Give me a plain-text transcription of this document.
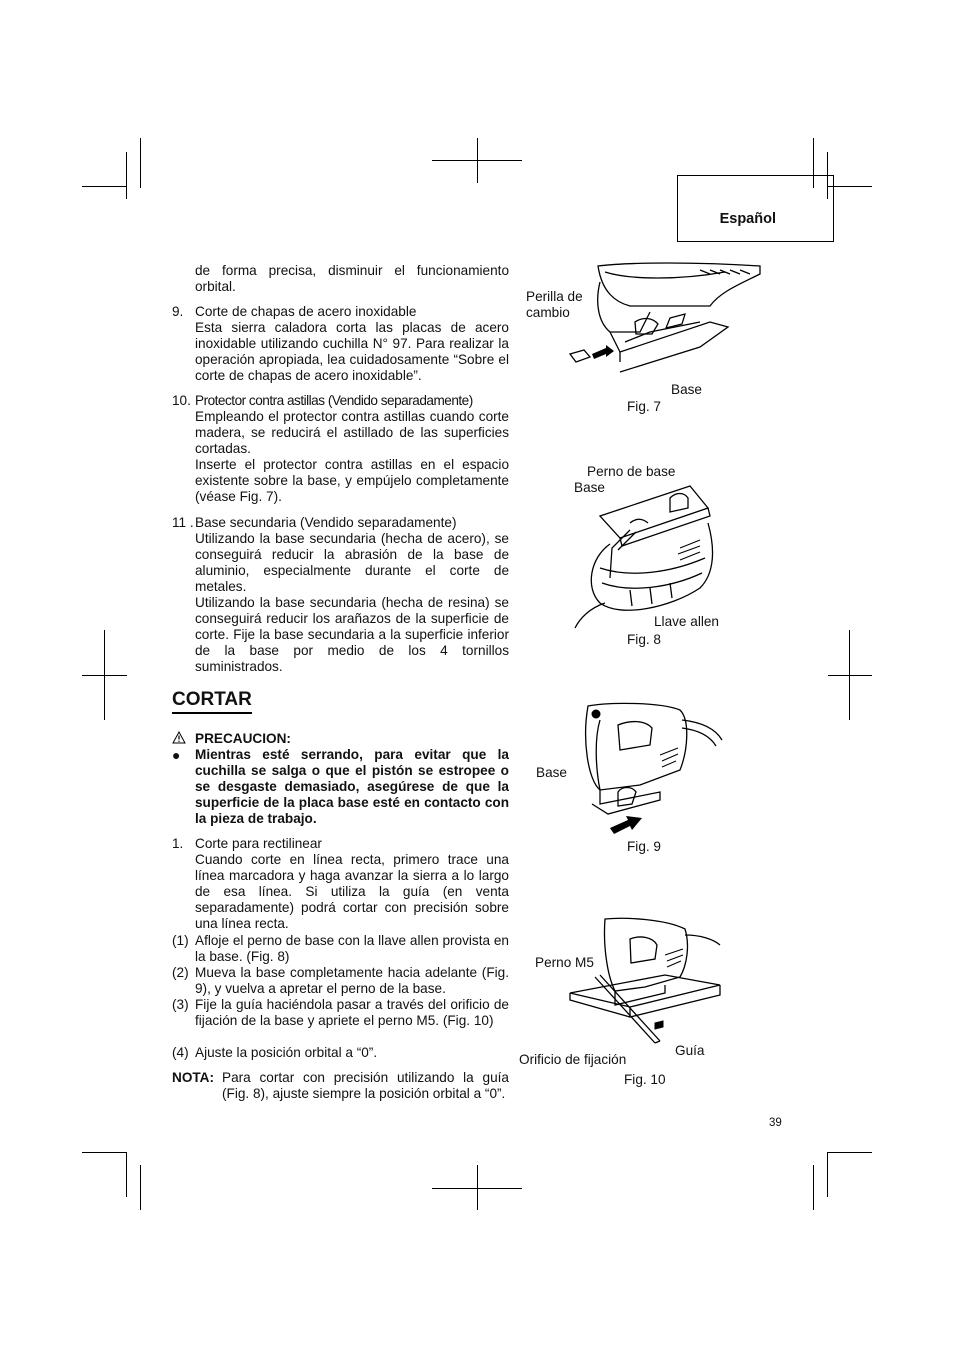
Español
de forma precisa, disminuir el funcionamiento orbital.
9. Corte de chapas de acero inoxidable

Esta sierra caladora corta las placas de acero inoxidable utilizando cuchilla N° 97. Para realizar la operación apropiada, lea cuidadosamente “Sobre el corte de chapas de acero inoxidable”.

10. Protector contra astillas (Vendido separadamente)

Empleando el protector contra astillas cuando corte madera, se reducirá el astillado de las superficies cortadas.

Inserte el protector contra astillas en el espacio existente sobre la base, y empújelo completamente (véase Fig. 7).

11 . Base secundaria (Vendido separadamente)

Utilizando la base secundaria (hecha de acero), se conseguirá reducir la abrasión de la base de aluminio, especialmente durante el corte de metales.

Utilizando la base secundaria (hecha de resina) se conseguirá reducir los arañazos de la superficie de corte. Fije la base secundaria a la superficie inferior de la base por medio de los 4 tornillos suministrados.

CORTAR
PRECAUCION:
● Mientras esté serrando, para evitar que la cuchilla se salga o que el pistón se estropee o se desgaste demasiado, asegúrese de que la superficie de la placa base esté en contacto con la pieza de trabajo.
1. Corte para rectilinear

Cuando corte en línea recta, primero trace una línea marcadora y haga avanzar la sierra a lo largo de esa línea. Si utiliza la guía (en venta separadamente) podrá cortar con precisión sobre una línea recta.

(1) Afloje el perno de base con la llave allen provista en la base. (Fig. 8)
(2) Mueva la base completamente hacia adelante (Fig. 9), y vuelva a apretar el perno de la base.
(3) Fije la guía haciéndola pasar a través del orificio de fijación de la base y apriete el perno M5. (Fig. 10)
(4) Ajuste la posición orbital a “0”.
NOTA: Para cortar con precisión utilizando la guía (Fig. 8), ajuste siempre la posición orbital a “0”.
Perilla de cambio
Base
Fig. 7
Perno de base
Base
Llave allen
Fig. 8
Base
Fig. 9
Perno M5
Orificio de fijación
Guía
Fig. 10
39
